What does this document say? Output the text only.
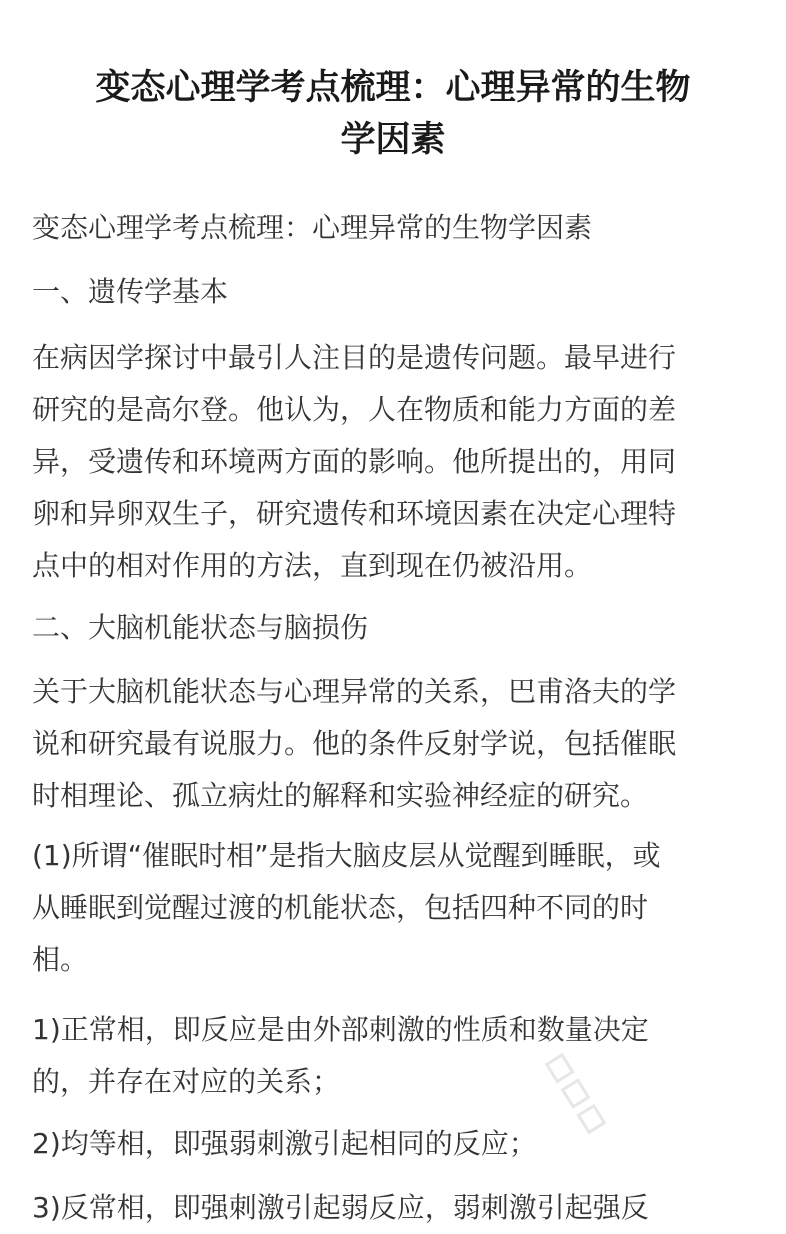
变态心理学考点梳理：心理异常的生物
学因素

变态心理学考点梳理：心理异常的生物学因素

一、遗传学基本

在病因学探讨中最引人注目的是遗传问题。最早进行
研究的是高尔登。他认为，人在物质和能力方面的差
异，受遗传和环境两方面的影响。他所提出的，用同
卵和异卵双生子，研究遗传和环境因素在决定心理特
点中的相对作用的方法，直到现在仍被沿用。

二、大脑机能状态与脑损伤

关于大脑机能状态与心理异常的关系，巴甫洛夫的学
说和研究最有说服力。他的条件反射学说，包括催眠
时相理论、孤立病灶的解释和实验神经症的研究。
(1)所谓“催眠时相”是指大脑皮层从觉醒到睡眠，或
从睡眠到觉醒过渡的机能状态，包括四种不同的时
相。
1)正常相，即反应是由外部刺激的性质和数量决定
的，并存在对应的关系；

2)均等相，即强弱刺激引起相同的反应；

3)反常相，即强刺激引起弱反应，弱刺激引起强反
